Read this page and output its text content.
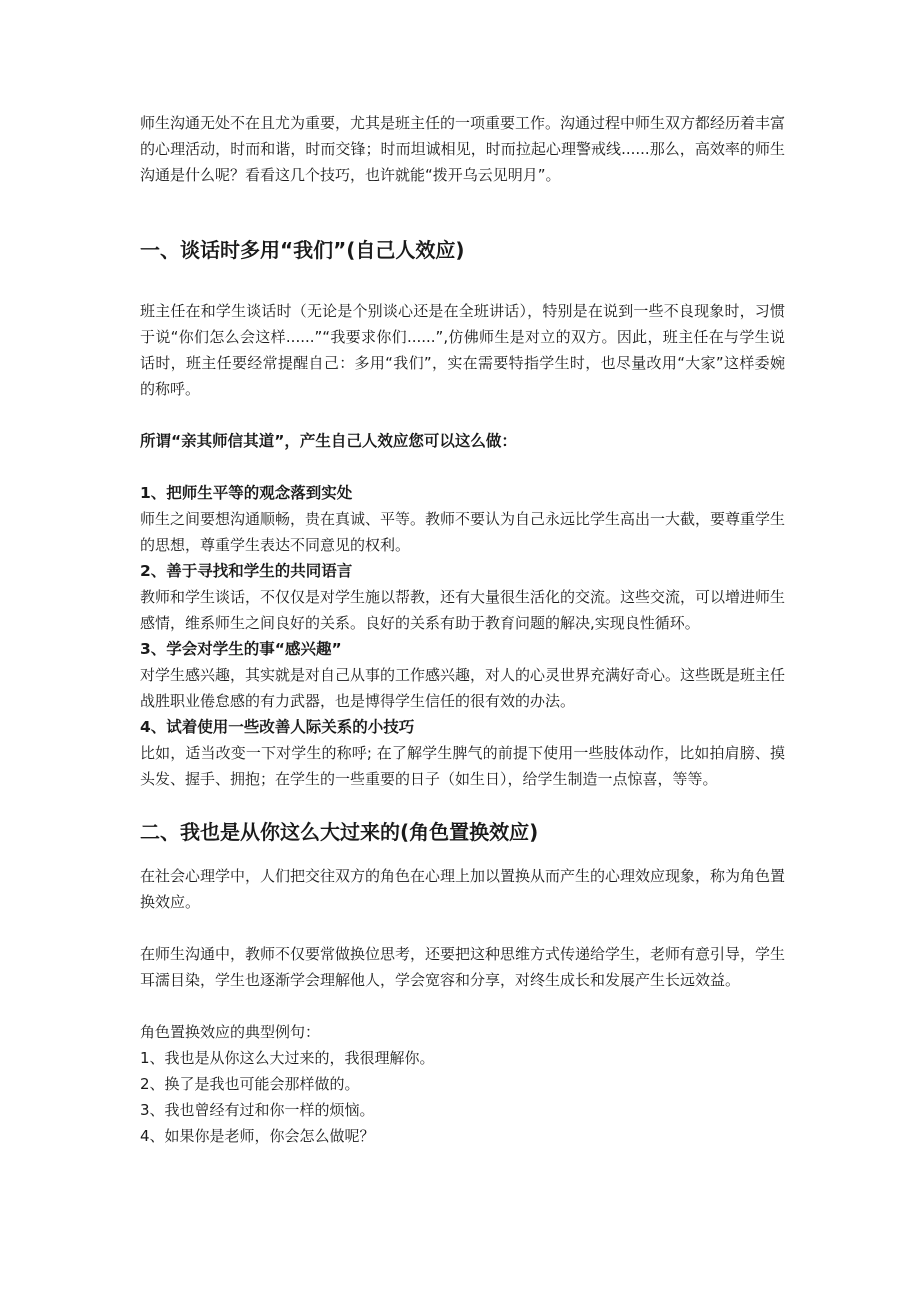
师生沟通无处不在且尤为重要，尤其是班主任的一项重要工作。沟通过程中师生双方都经历着丰富的心理活动，时而和谐，时而交锋；时而坦诚相见，时而拉起心理警戒线......那么，高效率的师生沟通是什么呢？看看这几个技巧，也许就能“拨开乌云见明月”。

一、谈话时多用“我们”(自己人效应)

班主任在和学生谈话时（无论是个别谈心还是在全班讲话），特别是在说到一些不良现象时，习惯于说“你们怎么会这样......”“我要求你们......”,仿佛师生是对立的双方。因此，班主任在与学生说话时，班主任要经常提醒自己：多用“我们”，实在需要特指学生时，也尽量改用“大家”这样委婉的称呼。

所谓“亲其师信其道”，产生自己人效应您可以这么做：
1、把师生平等的观念落到实处

师生之间要想沟通顺畅，贵在真诚、平等。教师不要认为自己永远比学生高出一大截，要尊重学生的思想，尊重学生表达不同意见的权利。

2、善于寻找和学生的共同语言

教师和学生谈话，不仅仅是对学生施以帮教，还有大量很生活化的交流。这些交流，可以增进师生感情，维系师生之间良好的关系。良好的关系有助于教育问题的解决,实现良性循环。

3、学会对学生的事“感兴趣”

对学生感兴趣，其实就是对自己从事的工作感兴趣，对人的心灵世界充满好奇心。这些既是班主任战胜职业倦怠感的有力武器，也是博得学生信任的很有效的办法。

4、试着使用一些改善人际关系的小技巧

比如，适当改变一下对学生的称呼; 在了解学生脾气的前提下使用一些肢体动作，比如拍肩膀、摸头发、握手、拥抱；在学生的一些重要的日子（如生日），给学生制造一点惊喜，等等。

二、我也是从你这么大过来的(角色置换效应)

在社会心理学中，人们把交往双方的角色在心理上加以置换从而产生的心理效应现象，称为角色置换效应。

在师生沟通中，教师不仅要常做换位思考，还要把这种思维方式传递给学生，老师有意引导，学生耳濡目染，学生也逐渐学会理解他人，学会宽容和分享，对终生成长和发展产生长远效益。

角色置换效应的典型例句：

1、我也是从你这么大过来的，我很理解你。
2、换了是我也可能会那样做的。
3、我也曾经有过和你一样的烦恼。
4、如果你是老师，你会怎么做呢？
